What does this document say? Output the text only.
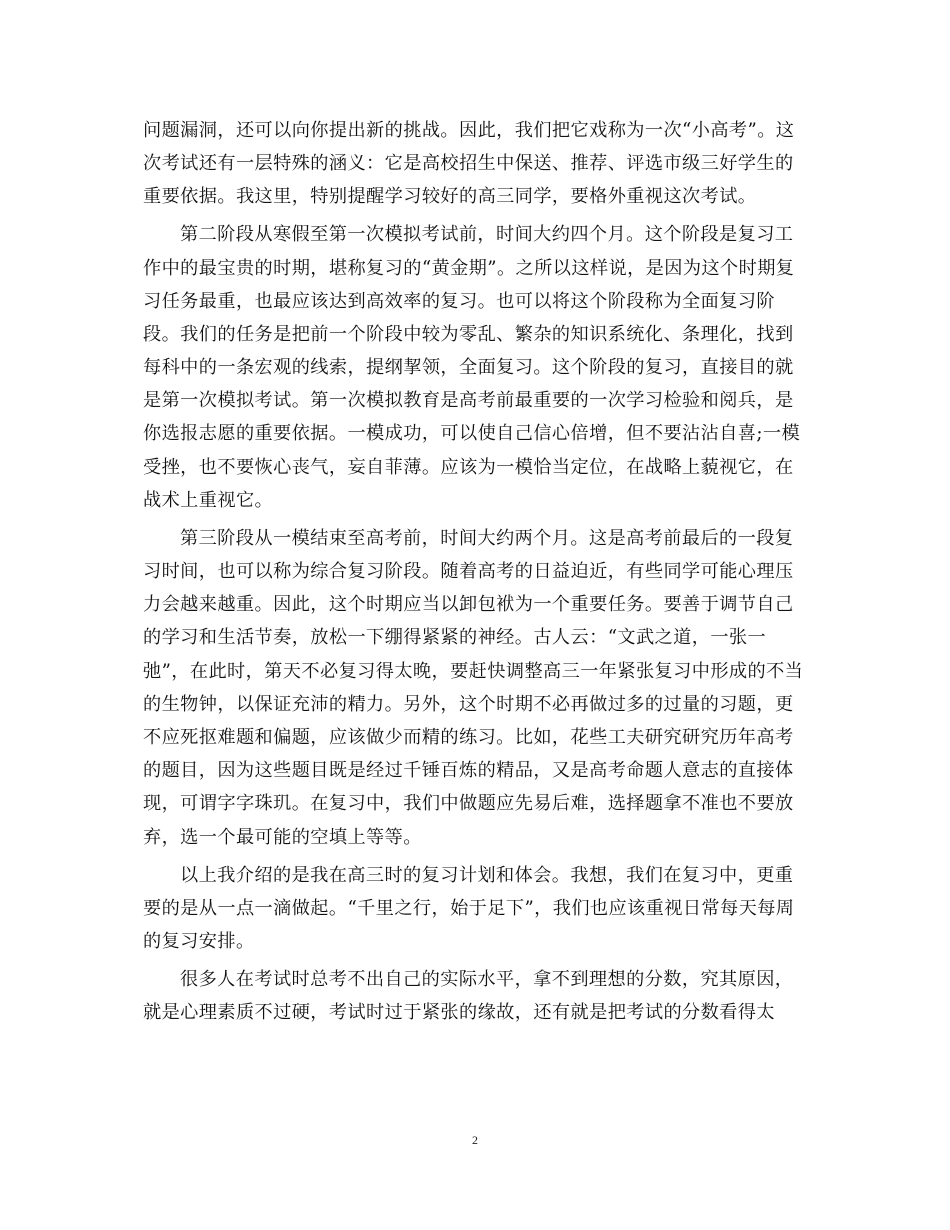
问题漏洞，还可以向你提出新的挑战。因此，我们把它戏称为一次“小高考”。这
次考试还有一层特殊的涵义：它是高校招生中保送、推荐、评选市级三好学生的
重要依据。我这里，特别提醒学习较好的高三同学，要格外重视这次考试。
第二阶段从寒假至第一次模拟考试前，时间大约四个月。这个阶段是复习工
作中的最宝贵的时期，堪称复习的“黄金期”。之所以这样说，是因为这个时期复
习任务最重，也最应该达到高效率的复习。也可以将这个阶段称为全面复习阶
段。我们的任务是把前一个阶段中较为零乱、繁杂的知识系统化、条理化，找到
每科中的一条宏观的线索，提纲挈领，全面复习。这个阶段的复习，直接目的就
是第一次模拟考试。第一次模拟教育是高考前最重要的一次学习检验和阅兵，是
你选报志愿的重要依据。一模成功，可以使自己信心倍增，但不要沾沾自喜;一模
受挫，也不要恢心丧气，妄自菲薄。应该为一模恰当定位，在战略上藐视它，在
战术上重视它。
第三阶段从一模结束至高考前，时间大约两个月。这是高考前最后的一段复
习时间，也可以称为综合复习阶段。随着高考的日益迫近，有些同学可能心理压
力会越来越重。因此，这个时期应当以卸包袱为一个重要任务。要善于调节自己
的学习和生活节奏，放松一下绷得紧紧的神经。古人云：“文武之道，一张一
弛”，在此时，第天不必复习得太晚，要赶快调整高三一年紧张复习中形成的不当
的生物钟，以保证充沛的精力。另外，这个时期不必再做过多的过量的习题，更
不应死抠难题和偏题，应该做少而精的练习。比如，花些工夫研究研究历年高考
的题目，因为这些题目既是经过千锤百炼的精品，又是高考命题人意志的直接体
现，可谓字字珠玑。在复习中，我们中做题应先易后难，选择题拿不准也不要放
弃，选一个最可能的空填上等等。
以上我介绍的是我在高三时的复习计划和体会。我想，我们在复习中，更重
要的是从一点一滴做起。“千里之行，始于足下”，我们也应该重视日常每天每周
的复习安排。
很多人在考试时总考不出自己的实际水平，拿不到理想的分数，究其原因，
就是心理素质不过硬，考试时过于紧张的缘故，还有就是把考试的分数看得太
2
